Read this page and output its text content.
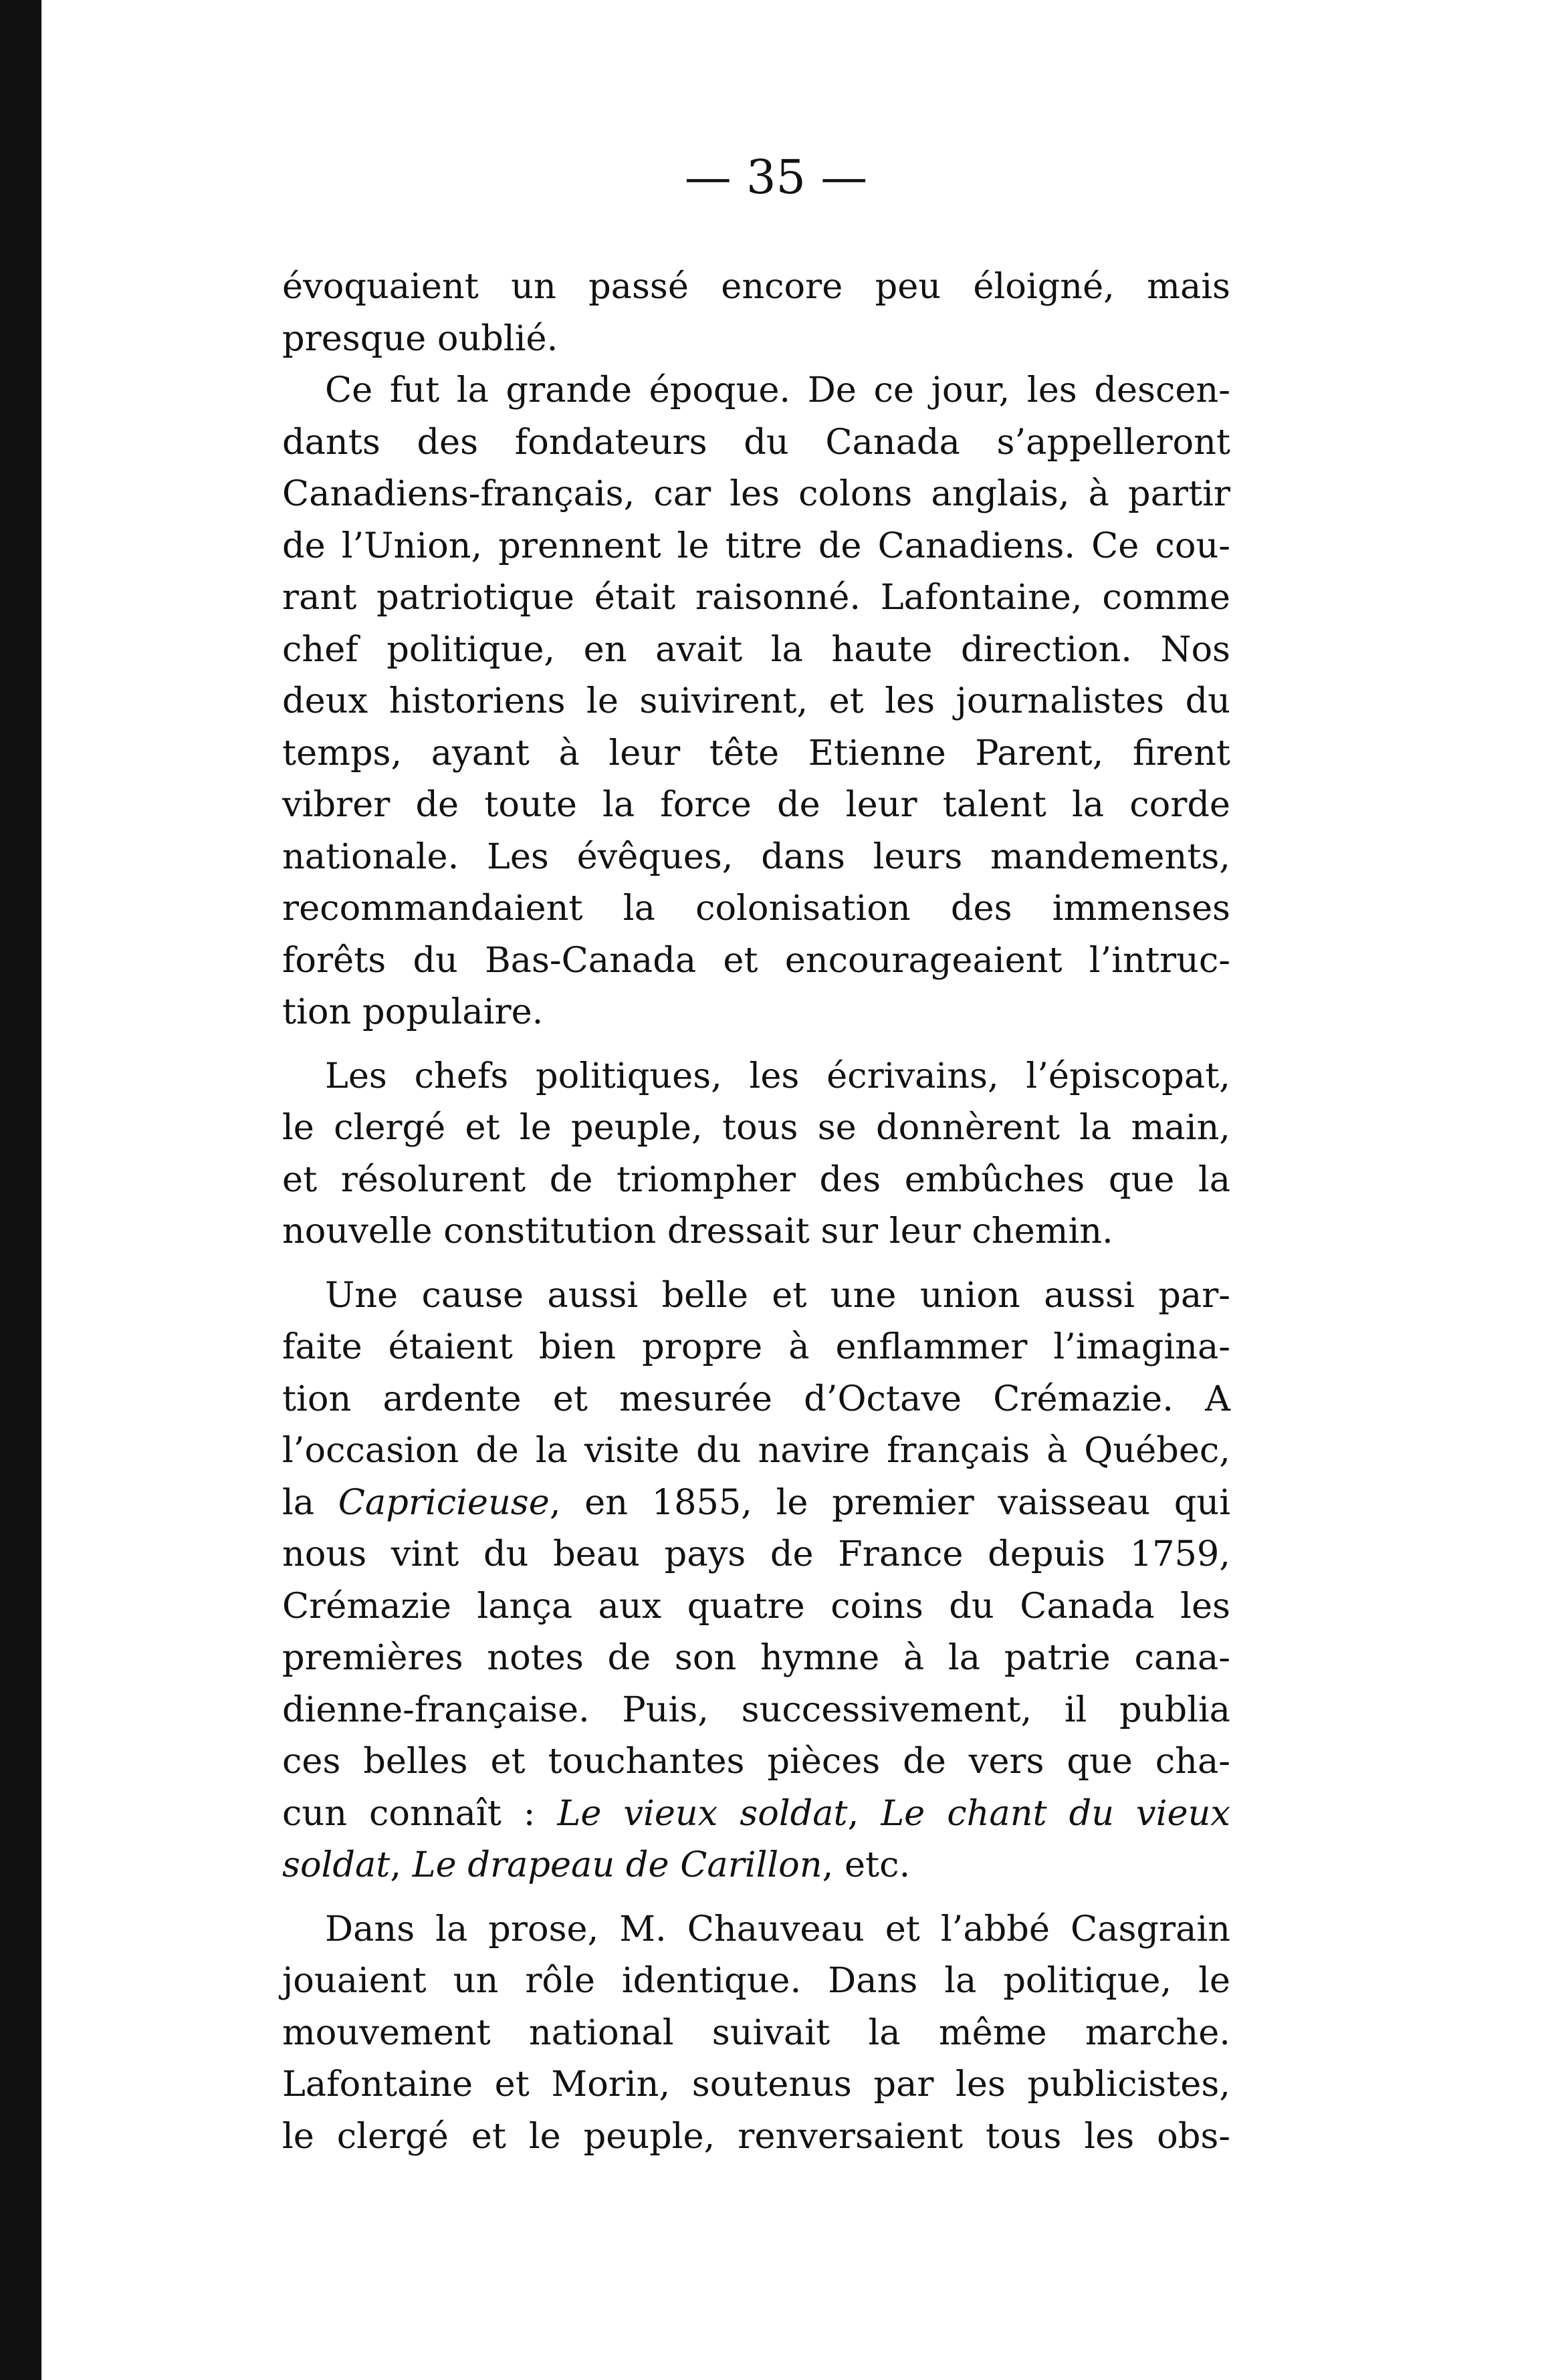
— 35 —
évoquaient un passé encore peu éloigné, mais
presque oublié.
Ce fut la grande époque. De ce jour, les descen-
dants des fondateurs du Canada s’appelleront
Canadiens-français, car les colons anglais, à partir
de l’Union, prennent le titre de Canadiens. Ce cou-
rant patriotique était raisonné. Lafontaine, comme
chef politique, en avait la haute direction. Nos
deux historiens le suivirent, et les journalistes du
temps, ayant à leur tête Etienne Parent, firent
vibrer de toute la force de leur talent la corde
nationale. Les évêques, dans leurs mandements,
recommandaient la colonisation des immenses
forêts du Bas-Canada et encourageaient l’intruc-
tion populaire.
Les chefs politiques, les écrivains, l’épiscopat,
le clergé et le peuple, tous se donnèrent la main,
et résolurent de triompher des embûches que la
nouvelle constitution dressait sur leur chemin.
Une cause aussi belle et une union aussi par-
faite étaient bien propre à enflammer l’imagina-
tion ardente et mesurée d’Octave Crémazie. A
l’occasion de la visite du navire français à Québec,
la Capricieuse, en 1855, le premier vaisseau qui
nous vint du beau pays de France depuis 1759,
Crémazie lança aux quatre coins du Canada les
premières notes de son hymne à la patrie cana-
dienne-française. Puis, successivement, il publia
ces belles et touchantes pièces de vers que cha-
cun connaît : Le vieux soldat, Le chant du vieux
soldat, Le drapeau de Carillon, etc.
Dans la prose, M. Chauveau et l’abbé Casgrain
jouaient un rôle identique. Dans la politique, le
mouvement national suivait la même marche.
Lafontaine et Morin, soutenus par les publicistes,
le clergé et le peuple, renversaient tous les obs-
